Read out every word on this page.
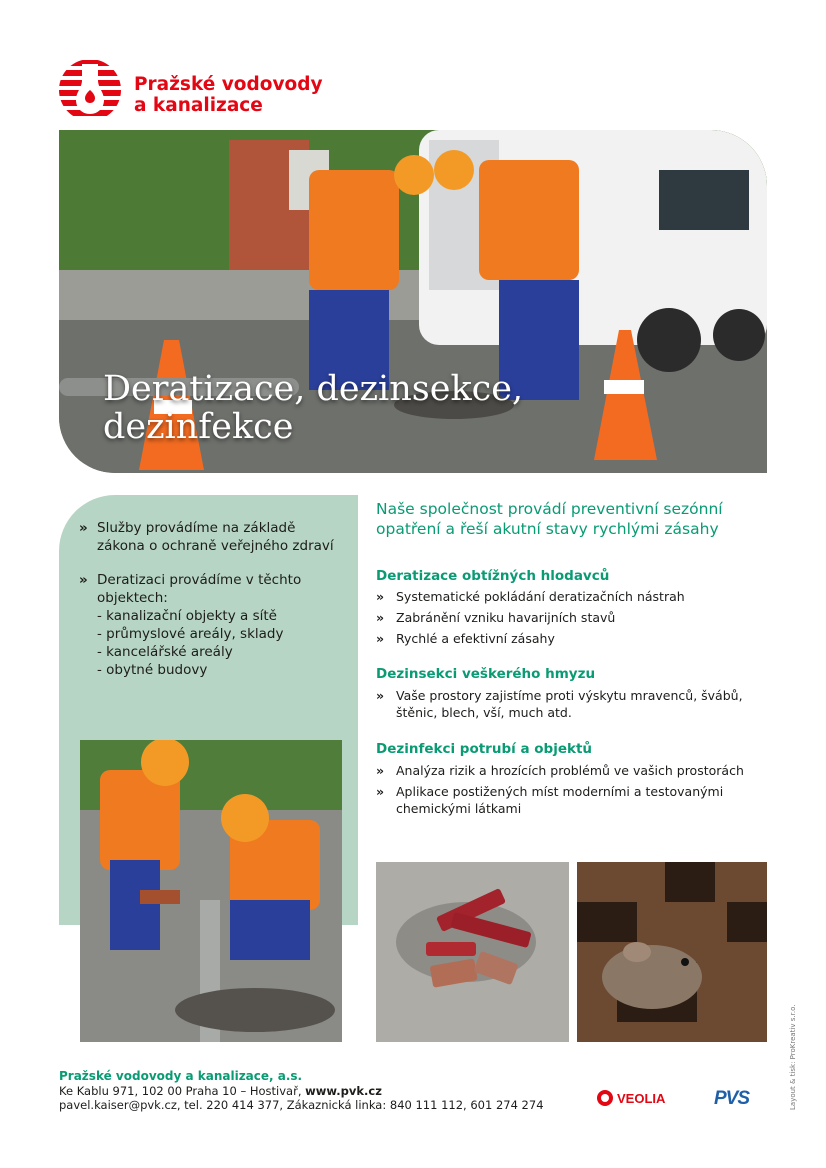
Pražské vodovody
a kanalizace
Deratizace, dezinsekce,
dezinfekce
» Služby provádíme na základě zákona o ochraně veřejného zdraví
» Deratizaci provádíme v těchto objektech:
- kanalizační objekty a sítě
- průmyslové areály, sklady
- kancelářské areály
- obytné budovy

Naše společnost provádí preventivní sezónní opatření a řeší akutní stavy rychlými zásahy

Deratizace obtížných hlodavců
» Systematické pokládání deratizačních nástrah
» Zabránění vzniku havarijních stavů
» Rychlé a efektivní zásahy
Dezinsekci veškerého hmyzu
» Vaše prostory zajistíme proti výskytu mravenců, švábů, štěnic, blech, vší, much atd.
Dezinfekci potrubí a objektů
» Analýza rizik a hrozících problémů ve vašich prostorách
» Aplikace postižených míst moderními a testovanými chemickými látkami
Pražské vodovody a kanalizace, a.s.
Ke Kablu 971, 102 00 Praha 10 – Hostivař, www.pvk.cz
pavel.kaiser@pvk.cz, tel. 220 414 377, Zákaznická linka: 840 111 112, 601 274 274	VEOLIA	PVS	Layout & tisk: ProKreativ s.r.o.
